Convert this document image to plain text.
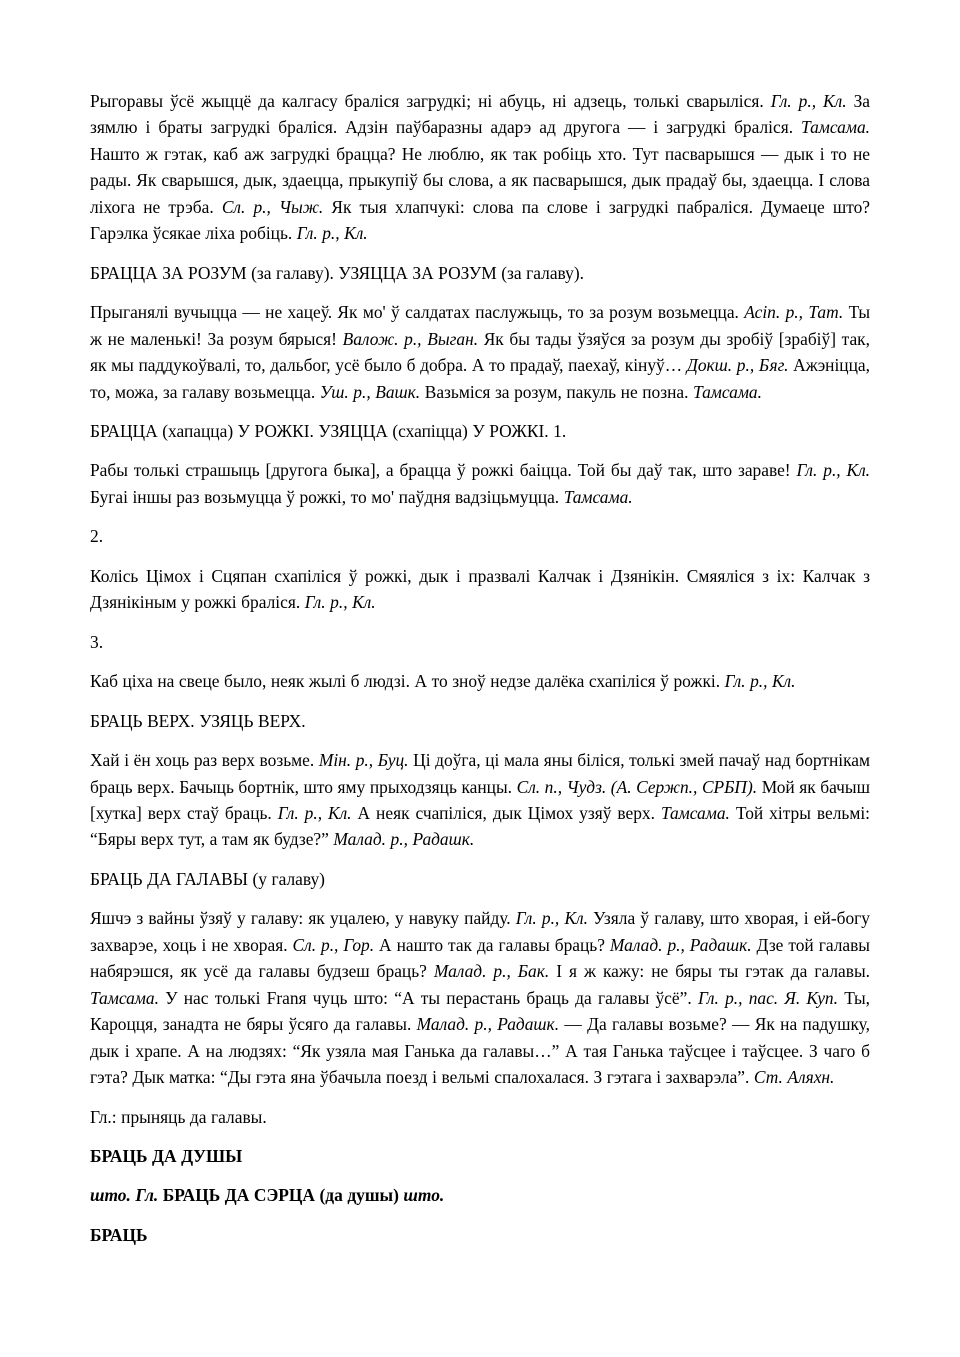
Рыгоравы ўсё жыццё да калгасу браліся загрудкі; ні абуць, ні адзець, толькі сварыліся. Гл. р., Кл. За зямлю і браты загрудкі браліся. Адзін паўбаразны адарэ ад другога — і загрудкі браліся. Тамсама. Нашто ж гэтак, каб аж загрудкі брацца? Не люблю, як так робіць хто. Тут пасварышся — дык і то не рады. Як сварышся, дык, здаецца, прыкупіў бы слова, а як пасварышся, дык прадаў бы, здаецца. І слова ліхога не трэба. Сл. р., Чыж. Як тыя хлапчукі: слова па слове і загрудкі пабраліся. Думаеце што? Гарэлка ўсякае ліха робіць. Гл. р., Кл.

БРАЦЦА ЗА РОЗУМ (за галаву). УЗЯЦЦА ЗА РОЗУМ (за галаву).

Прыганялі вучыцца — не хацеў. Як мо' ў салдатах паслужыць, то за розум возьмецца. Асіп. р., Тат. Ты ж не маленькі! За розум бярыся! Валож. р., Выган. Як бы тады ўзяўся за розум ды зробіў [зрабіў] так, як мы паддукоўвалі, то, дальбог, усё было б добра. А то прадаў, паехаў, кінуў… Докш. р., Бяг. Ажэніцца, то, можа, за галаву возьмецца. Уш. р., Вашк. Вазьміся за розум, пакуль не позна. Тамсама.

БРАЦЦА (хапацца) У РОЖКІ. УЗЯЦЦА (схапіцца) У РОЖКІ. 1.

Рабы толькі страшыць [другога быка], а брацца ў рожкі баіцца. Той бы даў так, што зараве! Гл. р., Кл. Бугаі іншы раз возьмуцца ў рожкі, то мо' паўдня вадзіцьмуцца. Тамсама.

2.

Колісь Цімох і Сцяпан схапіліся ў рожкі, дык і празвалі Калчак і Дзянікін. Смяяліся з іх: Калчак з Дзянікіным у рожкі браліся. Гл. р., Кл.

3.

Каб ціха на свеце было, неяк жылі б людзі. А то зноў недзе далёка схапіліся ў рожкі. Гл. р., Кл.

БРАЦЬ ВЕРХ. УЗЯЦЬ ВЕРХ.

Хай і ён хоць раз верх возьме. Мін. р., Буц. Ці доўга, ці мала яны біліся, толькі змей пачаў над бортнікам браць верх. Бачыць бортнік, што яму прыходзяць канцы. Сл. п., Чудз. (А. Сержп., СРБП). Мой як бачыш [хутка] верх стаў браць. Гл. р., Кл. А неяк счапіліся, дык Цімох узяў верх. Тамсама. Той хітры вельмі: “Бяры верх тут, а там як будзе?” Малад. р., Радашк.

БРАЦЬ ДА ГАЛАВЫ (у галаву)

Яшчэ з вайны ўзяў у галаву: як уцалею, у навуку пайду. Гл. р., Кл. Узяла ў галаву, што хворая, і ей-богу захварэе, хоць і не хворая. Сл. р., Гор. А нашто так да галавы браць? Малад. р., Радашк. Дзе той галавы набярэшся, як усё да галавы будзеш браць? Малад. р., Бак. І я ж кажу: не бяры ты гэтак да галавы. Тамсама. У нас толькі Franя чуць што: “А ты перастань браць да галавы ўсё”. Гл. р., пас. Я. Куп. Ты, Кароцця, занадта не бяры ўсяго да галавы. Малад. р., Радашк. — Да галавы возьме? — Як на падушку, дык і храпе. А на людзях: “Як узяла мая Ганька да галавы…” А тая Ганька таўсцее і таўсцее. З чаго б гэта? Дык матка: “Ды гэта яна ўбачыла поезд і вельмі спалохалася. З гэтага і захварэла”. Ст. Аляхн.

Гл.: прыняць да галавы.

БРАЦЬ ДА ДУШЫ

што. Гл. БРАЦЬ ДА СЭРЦА (да душы) што.

БРАЦЬ
